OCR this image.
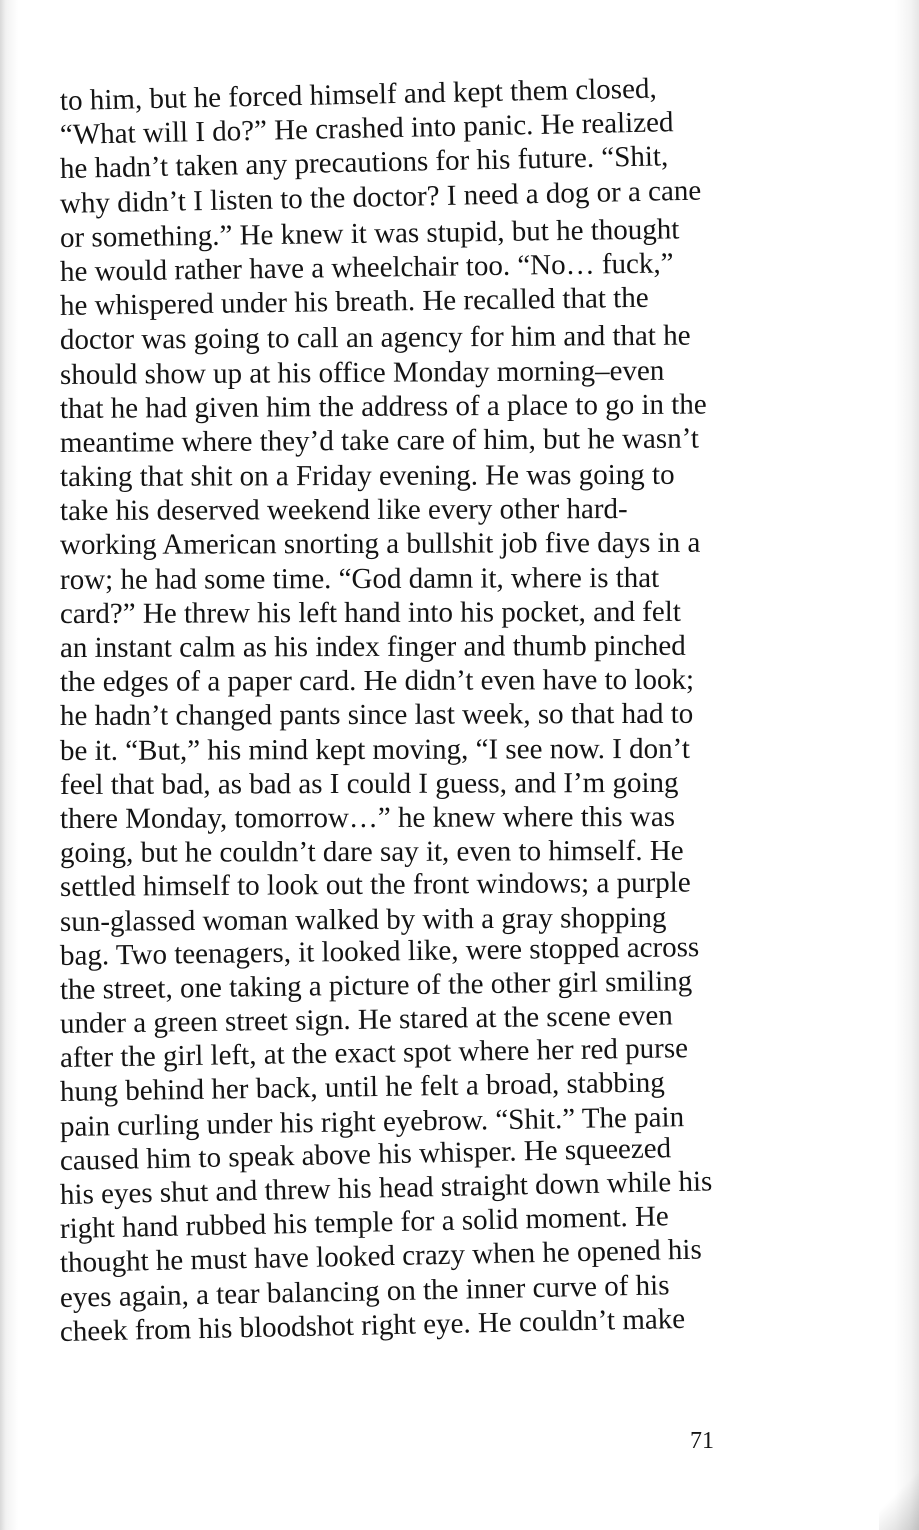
to him, but he forced himself and kept them closed,
“What will I do?” He crashed into panic. He realized
he hadn’t taken any precautions for his future. “Shit,
why didn’t I listen to the doctor? I need a dog or a cane
or something.” He knew it was stupid, but he thought
he would rather have a wheelchair too. “No… fuck,”
he whispered under his breath. He recalled that the
doctor was going to call an agency for him and that he
should show up at his office Monday morning–even
that he had given him the address of a place to go in the
meantime where they’d take care of him, but he wasn’t
taking that shit on a Friday evening. He was going to
take his deserved weekend like every other hard-
working American snorting a bullshit job five days in a
row; he had some time. “God damn it, where is that
card?” He threw his left hand into his pocket, and felt
an instant calm as his index finger and thumb pinched
the edges of a paper card. He didn’t even have to look;
he hadn’t changed pants since last week, so that had to
be it. “But,” his mind kept moving, “I see now. I don’t
feel that bad, as bad as I could I guess, and I’m going
there Monday, tomorrow…” he knew where this was
going, but he couldn’t dare say it, even to himself. He
settled himself to look out the front windows; a purple
sun-glassed woman walked by with a gray shopping
bag. Two teenagers, it looked like, were stopped across
the street, one taking a picture of the other girl smiling
under a green street sign. He stared at the scene even
after the girl left, at the exact spot where her red purse
hung behind her back, until he felt a broad, stabbing
pain curling under his right eyebrow. “Shit.” The pain
caused him to speak above his whisper. He squeezed
his eyes shut and threw his head straight down while his
right hand rubbed his temple for a solid moment. He
thought he must have looked crazy when he opened his
eyes again, a tear balancing on the inner curve of his
cheek from his bloodshot right eye. He couldn’t make
71
